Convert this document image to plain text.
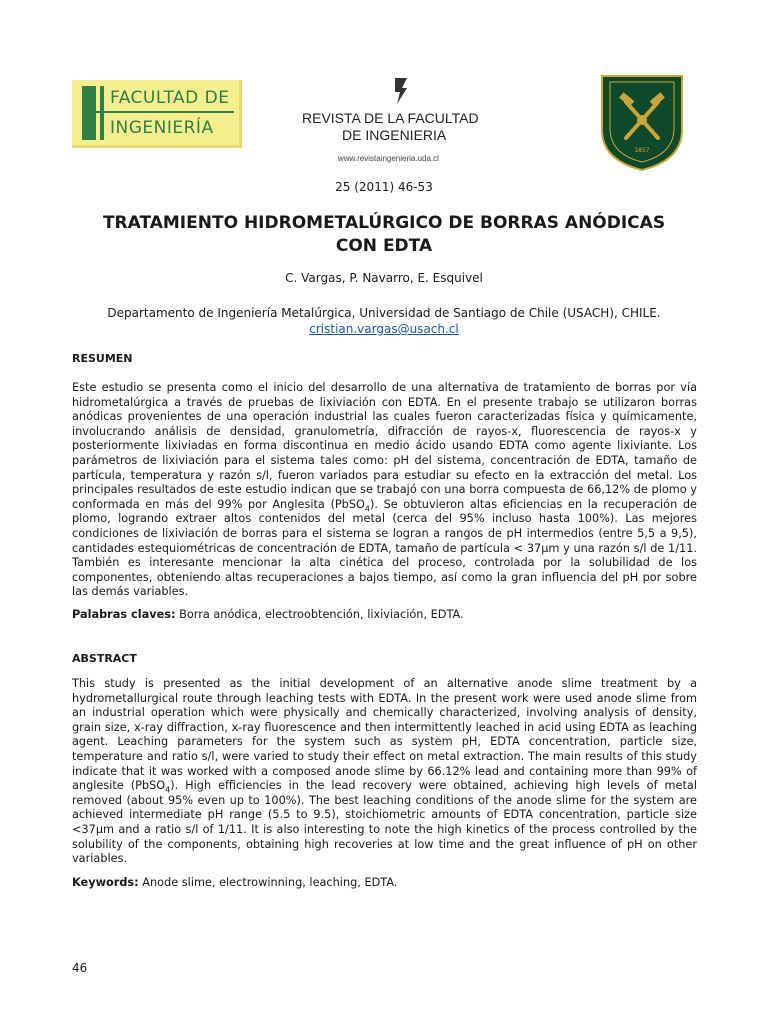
FACULTAD DE
INGENIERÍA	REVISTA DE LA FACULTAD
DE INGENIERIA
www.revistaingenieria.uda.cl
1857
25 (2011) 46-53
TRATAMIENTO HIDROMETALÚRGICO DE BORRAS ANÓDICAS
CON EDTA
C. Vargas, P. Navarro, E. Esquivel
Departamento de Ingeniería Metalúrgica, Universidad de Santiago de Chile (USACH), CHILE.
cristian.vargas@usach.cl
RESUMEN
Este estudio se presenta como el inicio del desarrollo de una alternativa de tratamiento de borras por vía hidrometalúrgica a través de pruebas de lixiviación con EDTA. En el presente trabajo se utilizaron borras anódicas provenientes de una operación industrial las cuales fueron caracterizadas física y químicamente, involucrando análisis de densidad, granulometría, difracción de rayos-x, fluorescencia de rayos-x y posteriormente lixiviadas en forma discontinua en medio ácido usando EDTA como agente lixiviante. Los parámetros de lixiviación para el sistema tales como: pH del sistema, concentración de EDTA, tamaño de partícula, temperatura y razón s/l, fueron variados para estudiar su efecto en la extracción del metal. Los principales resultados de este estudio indican que se trabajó con una borra compuesta de 66,12% de plomo y conformada en más del 99% por Anglesita (PbSO$_4$). Se obtuvieron altas eficiencias en la recuperación de plomo, logrando extraer altos contenidos del metal (cerca del 95% incluso hasta 100%). Las mejores condiciones de lixiviación de borras para el sistema se logran a rangos de pH intermedios (entre 5,5 a 9,5), cantidades estequiométricas de concentración de EDTA, tamaño de partícula < 37μm y una razón s/l de 1/11. También es interesante mencionar la alta cinética del proceso, controlada por la solubilidad de los componentes, obteniendo altas recuperaciones a bajos tiempo, así como la gran influencia del pH por sobre las demás variables.
Palabras claves: Borra anódica, electroobtención, lixiviación, EDTA.
ABSTRACT
This study is presented as the initial development of an alternative anode slime treatment by a hydrometallurgical route through leaching tests with EDTA. In the present work were used anode slime from an industrial operation which were physically and chemically characterized, involving analysis of density, grain size, x-ray diffraction, x-ray fluorescence and then intermittently leached in acid using EDTA as leaching agent. Leaching parameters for the system such as system pH, EDTA concentration, particle size, temperature and ratio s/l, were varied to study their effect on metal extraction. The main results of this study indicate that it was worked with a composed anode slime by 66.12% lead and containing more than 99% of anglesite (PbSO$_4$). High efficiencies in the lead recovery were obtained, achieving high levels of metal removed (about 95% even up to 100%). The best leaching conditions of the anode slime for the system are achieved intermediate pH range (5.5 to 9.5), stoichiometric amounts of EDTA concentration, particle size <37μm and a ratio s/l of 1/11. It is also interesting to note the high kinetics of the process controlled by the solubility of the components, obtaining high recoveries at low time and the great influence of pH on other variables.
Keywords: Anode slime, electrowinning, leaching, EDTA.
46
